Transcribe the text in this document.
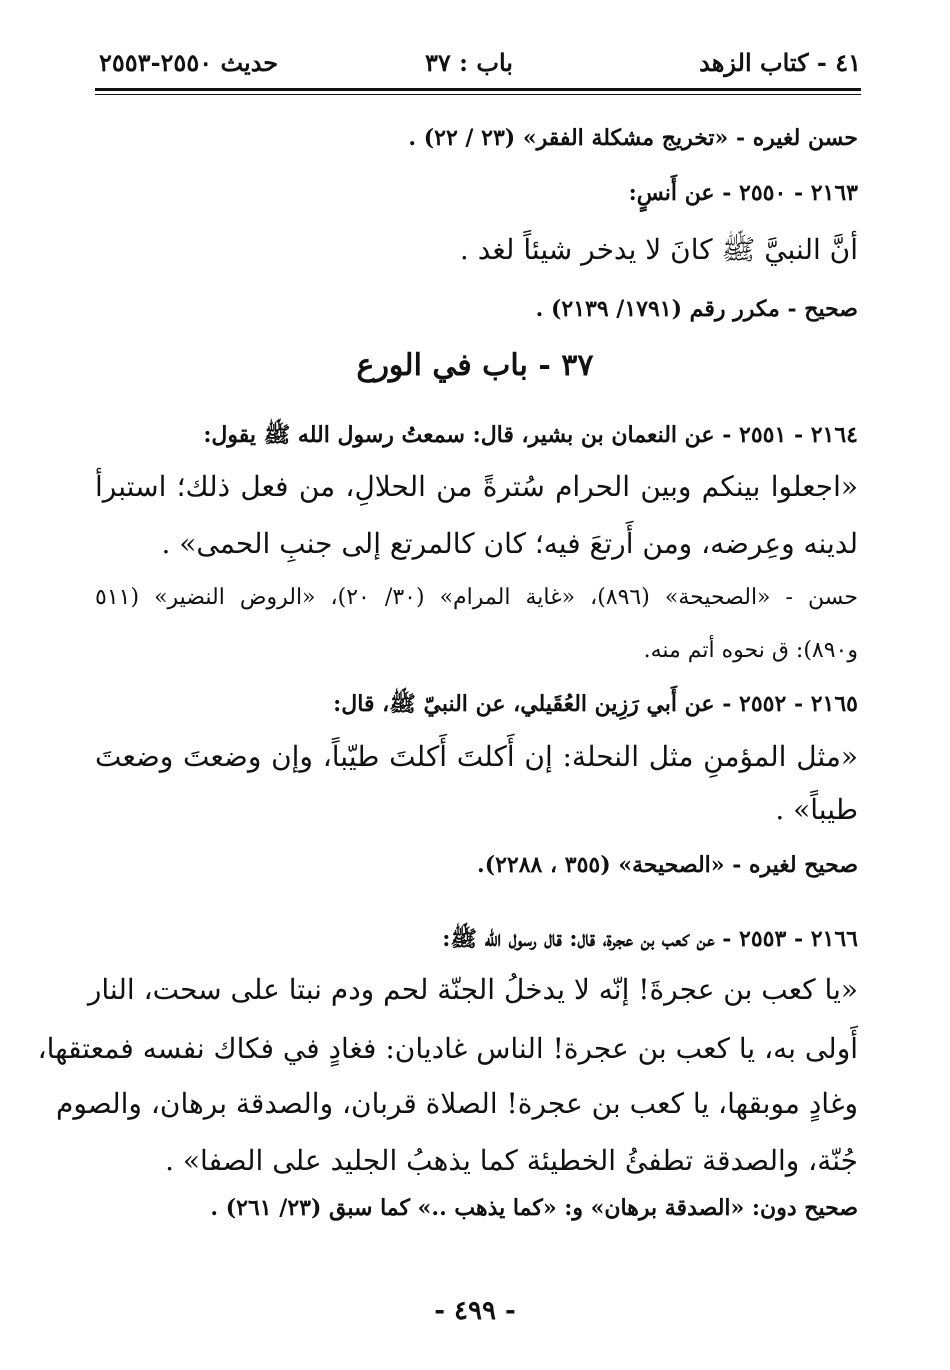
٤١ - كتاب الزهد
باب : ٣٧
حديث ٢٥٥٠-٢٥٥٣
حسن لغيره - «تخريج مشكلة الفقر» (٢٣ / ٢٢) .
٢١٦٣ - ٢٥٥٠ - عن أَنسٍ:
أنَّ النبيَّ ﷺ كانَ لا يدخر شيئاً لغد .
صحيح - مكرر رقم (١٧٩١/ ٢١٣٩) .
٣٧ - باب في الورع
٢١٦٤ - ٢٥٥١ - عن النعمان بن بشير، قال: سمعتُ رسول الله ﷺ يقول:
«اجعلوا بينكم وبين الحرام سُترةً من الحلالِ، من فعل ذلك؛ استبرأ
لدينه وعِرضه، ومن أَرتعَ فيه؛ كان كالمرتع إلى جنبِ الحمى» .
حسن - «الصحيحة» (٨٩٦)، «غاية المرام» (٣٠/ ٢٠)، «الروض النضير» (٥١١
و٨٩٠): ق نحوه أتم منه.
٢١٦٥ - ٢٥٥٢ - عن أَبي رَزِين العُقَيلي، عن النبيّ ﷺ، قال:
«مثل المؤمنِ مثل النحلة: إن أَكلتَ أَكلتَ طيّباً، وإن وضعتَ وضعتَ
طيباً» .
صحيح لغيره - «الصحيحة» (٣٥٥ ، ٢٢٨٨).
٢١٦٦ - ٢٥٥٣ - عن كعب بن عجرة، قال: قال رسول الله ﷺ:
«يا كعب بن عجرةَ! إنّه لا يدخلُ الجنّة لحم ودم نبتا على سحت، النار
أَولى به، يا كعب بن عجرة! الناس غاديان: فغادٍ في فكاك نفسه فمعتقها،
وغادٍ موبقها، يا كعب بن عجرة! الصلاة قربان، والصدقة برهان، والصوم
جُنّة، والصدقة تطفئُ الخطيئة كما يذهبُ الجليد على الصفا» .
صحيح دون: «الصدقة برهان» و: «كما يذهب ..» كما سبق (٢٣/ ٢٦١) .
- ٤٩٩ -
